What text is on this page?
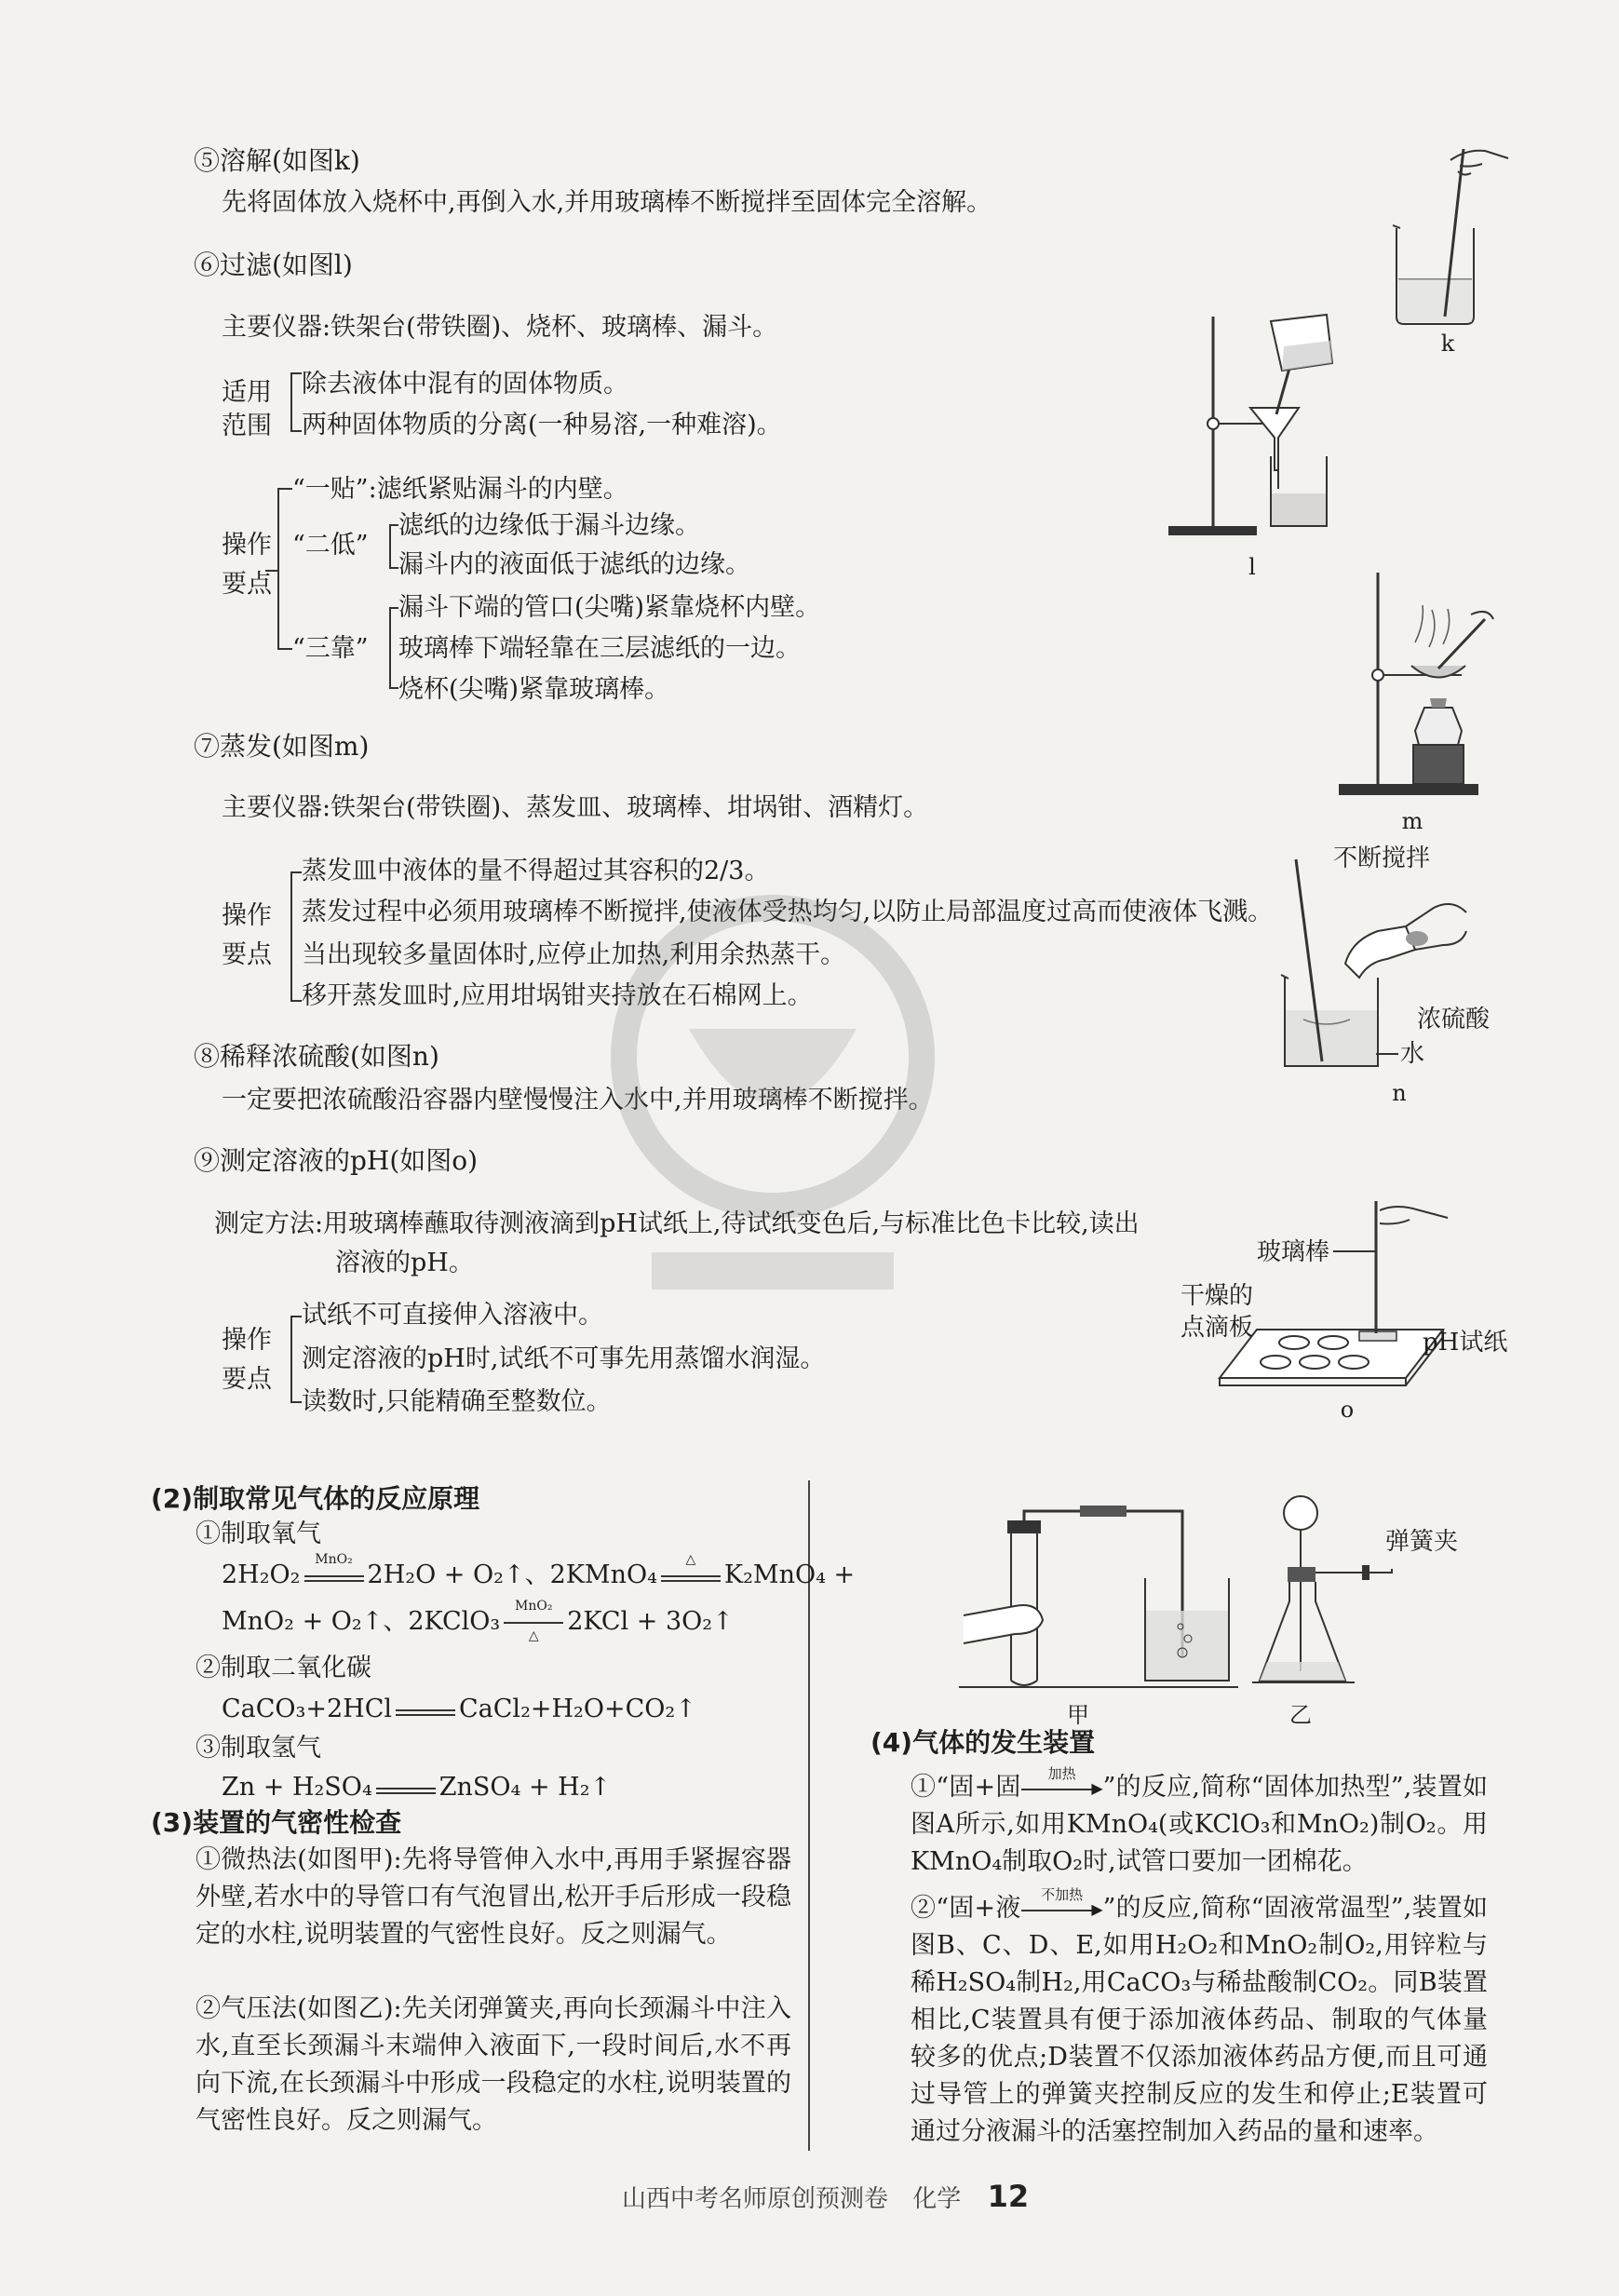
⑤溶解(如图k)
先将固体放入烧杯中,再倒入水,并用玻璃棒不断搅拌至固体完全溶解。
k
⑥过滤(如图l)
主要仪器:铁架台(带铁圈)、烧杯、玻璃棒、漏斗。
适用
范围
除去液体中混有的固体物质。
两种固体物质的分离(一种易溶,一种难溶)。
操作
要点
“一贴”:滤纸紧贴漏斗的内壁。
“二低”
滤纸的边缘低于漏斗边缘。
漏斗内的液面低于滤纸的边缘。
“三靠”
漏斗下端的管口(尖嘴)紧靠烧杯内壁。
玻璃棒下端轻靠在三层滤纸的一边。
烧杯(尖嘴)紧靠玻璃棒。
l
m
⑦蒸发(如图m)
主要仪器:铁架台(带铁圈)、蒸发皿、玻璃棒、坩埚钳、酒精灯。
操作
要点
蒸发皿中液体的量不得超过其容积的2/3。
蒸发过程中必须用玻璃棒不断搅拌,使液体受热均匀,以防止局部温度过高而使液体飞溅。
当出现较多量固体时,应停止加热,利用余热蒸干。
移开蒸发皿时,应用坩埚钳夹持放在石棉网上。
不断搅拌
浓硫酸
水
n
⑧稀释浓硫酸(如图n)
一定要把浓硫酸沿容器内壁慢慢注入水中,并用玻璃棒不断搅拌。
⑨测定溶液的pH(如图o)
测定方法:用玻璃棒蘸取待测液滴到pH试纸上,待试纸变色后,与标准比色卡比较,读出
溶液的pH。
操作
要点
试纸不可直接伸入溶液中。
测定溶液的pH时,试纸不可事先用蒸馏水润湿。
读数时,只能精确至整数位。
玻璃棒
干燥的
点滴板
pH试纸
o
(2)制取常见气体的反应原理
①制取氧气
2H₂O₂
MnO₂
2H₂O + O₂↑、2KMnO₄
△
K₂MnO₄ +
MnO₂ + O₂↑、2KClO₃ $\frac{\text{MnO₂}}{\triangle} 2KCl$ + 3O₂↑
②制取二氧化碳
CaCO₃+2HCl	CaCl₂+H₂O+CO₂↑
③制取氢气
Zn + H₂SO₄	ZnSO₄ + H₂↑
(3)装置的气密性检查
①微热法(如图甲):先将导管伸入水中,再用手紧握容器外壁,若水中的导管口有气泡冒出,松开手后形成一段稳定的水柱,说明装置的气密性良好。反之则漏气。
②气压法(如图乙):先关闭弹簧夹,再向长颈漏斗中注入水,直至长颈漏斗末端伸入液面下,一段时间后,水不再向下流,在长颈漏斗中形成一段稳定的水柱,说明装置的气密性良好。反之则漏气。
甲
弹簧夹
乙
(4)气体的发生装置
①“固+固	加热
▶ ”的反应,简称“固体加热型”,装置如图A所示,如用KMnO₄(或KClO₃和MnO₂)制O₂。用KMnO₄制取O₂时,试管口要加一团棉花。
②“固+液	不加热
▶ ”的反应,简称“固液常温型”,装置如图B、C、D、E,如用H₂O₂和MnO₂制O₂,用锌粒与稀H₂SO₄制H₂,用CaCO₃与稀盐酸制CO₂。同B装置相比,C装置具有便于添加液体药品、制取的气体量较多的优点;D装置不仅添加液体药品方便,而且可通过导管上的弹簧夹控制反应的发生和停止;E装置可通过分液漏斗的活塞控制加入药品的量和速率。
山西中考名师原创预测卷 化学 12
